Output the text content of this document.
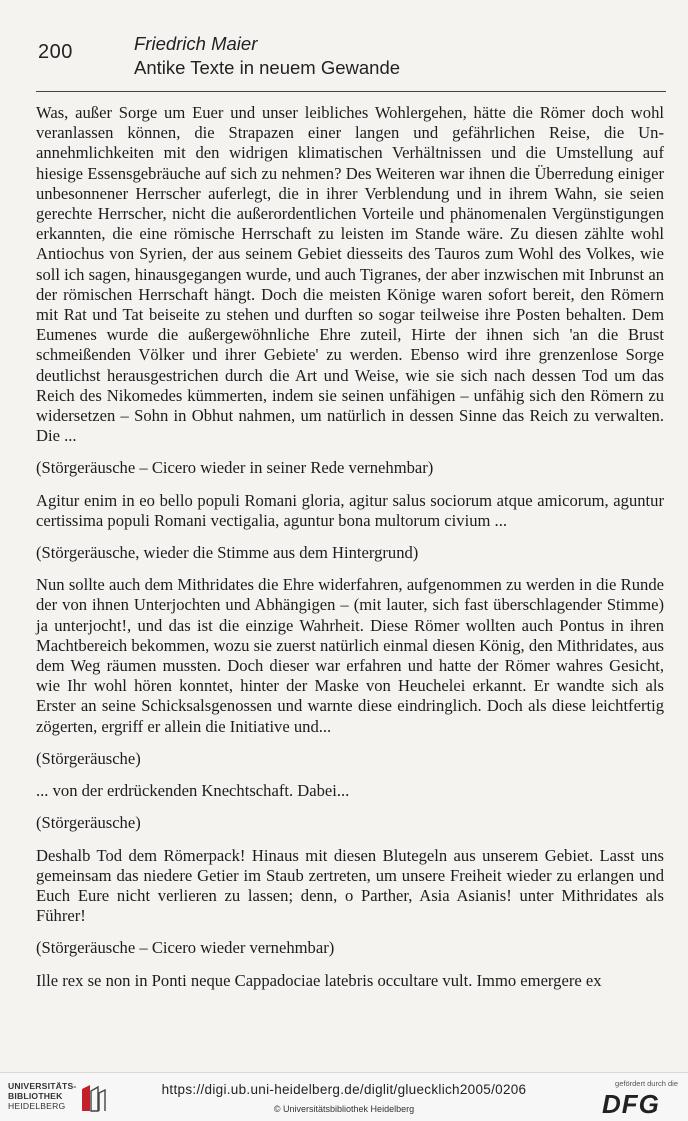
200	Friedrich Maier
Antike Texte in neuem Gewande

Was, außer Sorge um Euer und unser leibliches Wohlergehen, hätte die Römer doch wohl veranlassen können, die Strapazen einer langen und gefährlichen Reise, die Unannehmlichkeiten mit den widrigen klimatischen Verhältnissen und die Umstellung auf hiesige Essensgebräuche auf sich zu nehmen? Des Weiteren war ihnen die Überredung einiger unbesonnener Herrscher auferlegt, die in ihrer Verblendung und in ihrem Wahn, sie seien gerechte Herrscher, nicht die außerordentlichen Vorteile und phänomenalen Vergünstigungen erkannten, die eine römische Herrschaft zu leisten im Stande wäre. Zu diesen zählte wohl Antiochus von Syrien, der aus seinem Gebiet diesseits des Tauros zum Wohl des Volkes, wie soll ich sagen, hinausgegangen wurde, und auch Tigranes, der aber inzwischen mit Inbrunst an der römischen Herrschaft hängt. Doch die meisten Könige waren sofort bereit, den Römern mit Rat und Tat beiseite zu stehen und durften so sogar teilweise ihre Posten behalten. Dem Eumenes wurde die außergewöhnliche Ehre zuteil, Hirte der ihnen sich 'an die Brust schmeißenden Völker und ihrer Gebiete' zu werden. Ebenso wird ihre grenzenlose Sorge deutlichst herausgestrichen durch die Art und Weise, wie sie sich nach dessen Tod um das Reich des Nikomedes kümmerten, indem sie seinen unfähigen – unfähig sich den Römern zu widersetzen – Sohn in Obhut nahmen, um natürlich in dessen Sinne das Reich zu verwalten. Die ...

(Störgeräusche – Cicero wieder in seiner Rede vernehmbar)

Agitur enim in eo bello populi Romani gloria, agitur salus sociorum atque amicorum, aguntur certissima populi Romani vectigalia, aguntur bona multorum civium ...

(Störgeräusche, wieder die Stimme aus dem Hintergrund)

Nun sollte auch dem Mithridates die Ehre widerfahren, aufgenommen zu werden in die Runde der von ihnen Unterjochten und Abhängigen – (mit lauter, sich fast überschlagender Stimme) ja unterjocht!, und das ist die einzige Wahrheit. Diese Römer wollten auch Pontus in ihren Machtbereich bekommen, wozu sie zuerst natürlich einmal diesen König, den Mithridates, aus dem Weg räumen mussten. Doch dieser war erfahren und hatte der Römer wahres Gesicht, wie Ihr wohl hören konntet, hinter der Maske von Heuchelei erkannt. Er wandte sich als Erster an seine Schicksalsgenossen und warnte diese eindringlich. Doch als diese leichtfertig zögerten, ergriff er allein die Initiative und...

(Störgeräusche)

... von der erdrückenden Knechtschaft. Dabei...

(Störgeräusche)

Deshalb Tod dem Römerpack! Hinaus mit diesen Blutegeln aus unserem Gebiet. Lasst uns gemeinsam das niedere Getier im Staub zertreten, um unsere Freiheit wieder zu erlangen und Euch Eure nicht verlieren zu lassen; denn, o Parther, Asia Asianis! unter Mithridates als Führer!

(Störgeräusche – Cicero wieder vernehmbar)

Ille rex se non in Ponti neque Cappadociae latebris occultare vult. Immo emergere ex

UNIVERSITÄTS-
BIBLIOTHEK
HEIDELBERG
https://digi.ub.uni-heidelberg.de/diglit/gluecklich2005/0206
© Universitätsbibliothek Heidelberg
gefördert durch die
DFG
